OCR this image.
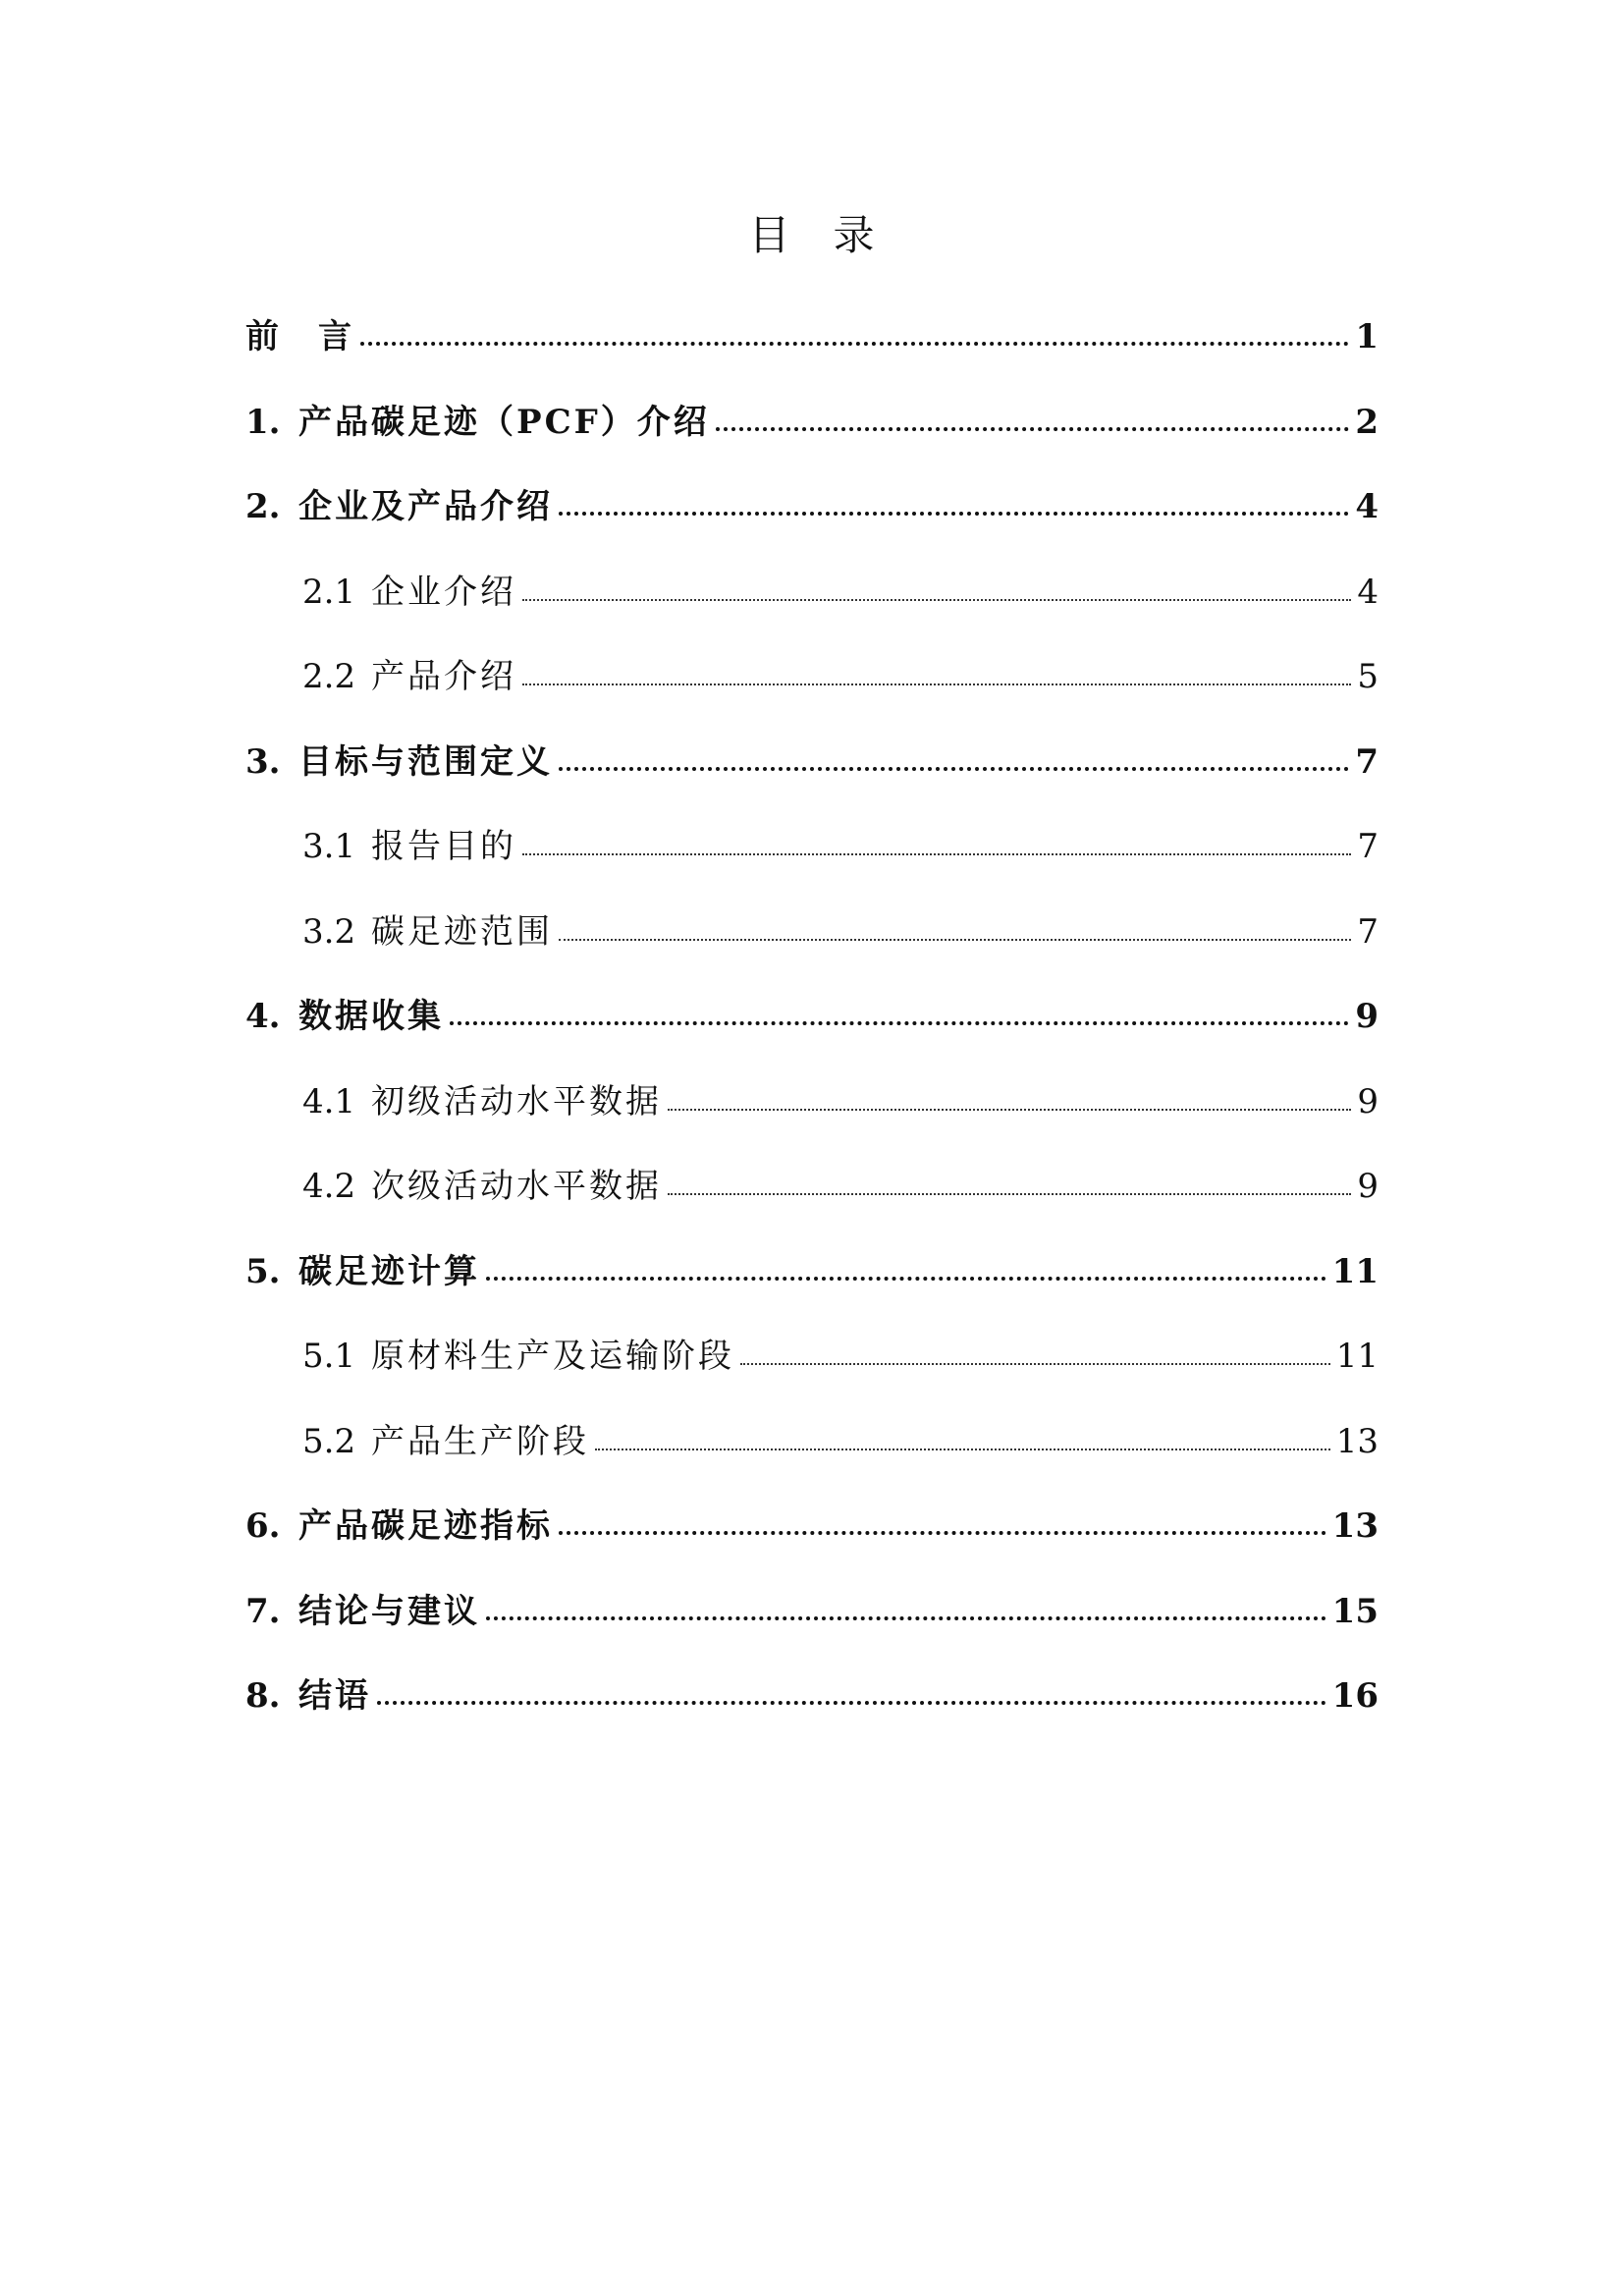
目 录
前　言	1
1. 产品碳足迹（PCF）介绍	2
2. 企业及产品介绍	4
2.1 企业介绍	4
2.2 产品介绍	5
3. 目标与范围定义	7
3.1 报告目的	7
3.2 碳足迹范围	7
4. 数据收集	9
4.1 初级活动水平数据	9
4.2 次级活动水平数据	9
5. 碳足迹计算	11
5.1 原材料生产及运输阶段	11
5.2 产品生产阶段	13
6. 产品碳足迹指标	13
7. 结论与建议	15
8. 结语	16
